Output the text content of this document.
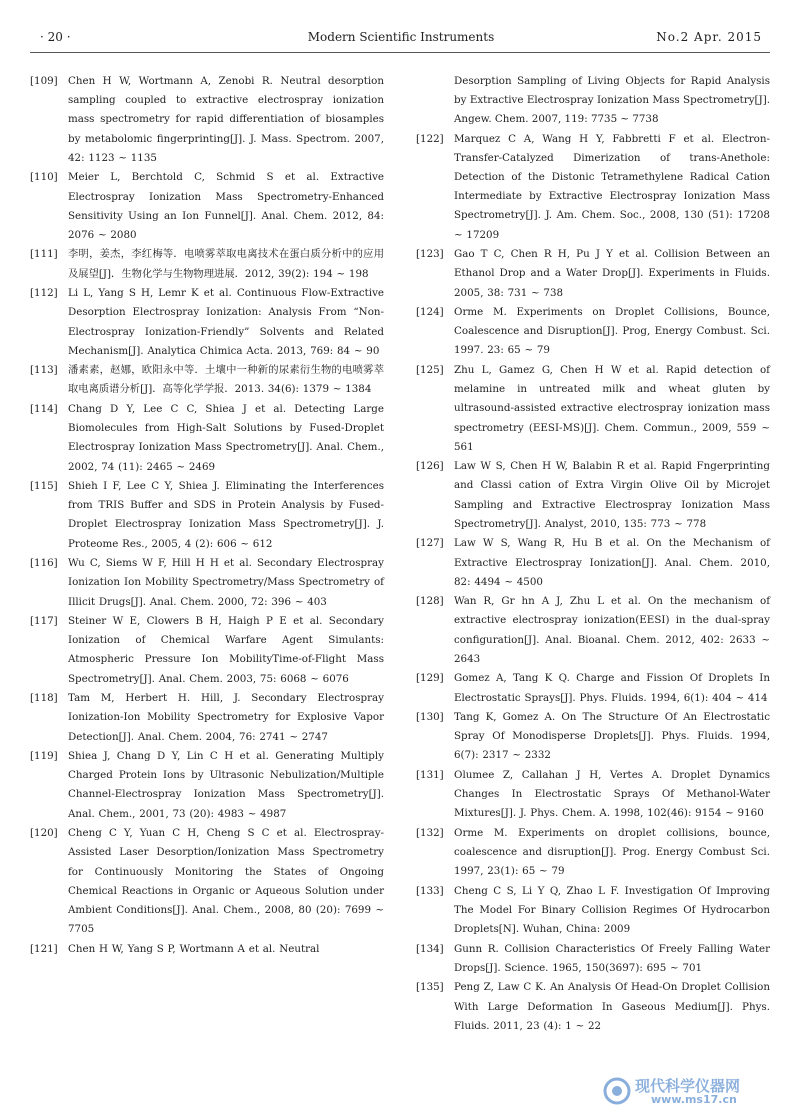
· 20 ·	Modern Scientific Instruments	No.2 Apr. 2015
[109] Chen H W, Wortmann A, Zenobi R. Neutral desorption sampling coupled to extractive electrospray ionization mass spectrometry for rapid differentiation of biosamples by metabolomic fingerprinting[J]. J. Mass. Spectrom. 2007, 42: 1123 ~ 1135
[110] Meier L, Berchtold C, Schmid S et al. Extractive Electrospray Ionization Mass Spectrometry-Enhanced Sensitivity Using an Ion Funnel[J]. Anal. Chem. 2012, 84: 2076 ~ 2080
[111] 李明，姜杰，李红梅等．电喷雾萃取电离技术在蛋白质分析中的应用及展望[J]．生物化学与生物物理进展．2012, 39(2): 194 ~ 198
[112] Li L, Yang S H, Lemr K et al. Continuous Flow-Extractive Desorption Electrospray Ionization: Analysis From “Non-Electrospray Ionization-Friendly” Solvents and Related Mechanism[J]. Analytica Chimica Acta. 2013, 769: 84 ~ 90
[113] 潘素素，赵娜，欧阳永中等．土壤中一种新的尿素衍生物的电喷雾萃取电离质谱分析[J]．高等化学学报．2013. 34(6): 1379 ~ 1384
[114] Chang D Y, Lee C C, Shiea J et al. Detecting Large Biomolecules from High-Salt Solutions by Fused-Droplet Electrospray Ionization Mass Spectrometry[J]. Anal. Chem., 2002, 74 (11): 2465 ~ 2469
[115] Shieh I F, Lee C Y, Shiea J. Eliminating the Interferences from TRIS Buffer and SDS in Protein Analysis by Fused-Droplet Electrospray Ionization Mass Spectrometry[J]. J. Proteome Res., 2005, 4 (2): 606 ~ 612
[116] Wu C, Siems W F, Hill H H et al. Secondary Electrospray Ionization Ion Mobility Spectrometry/Mass Spectrometry of Illicit Drugs[J]. Anal. Chem. 2000, 72: 396 ~ 403
[117] Steiner W E, Clowers B H, Haigh P E et al. Secondary Ionization of Chemical Warfare Agent Simulants: Atmospheric Pressure Ion MobilityTime-of-Flight Mass Spectrometry[J]. Anal. Chem. 2003, 75: 6068 ~ 6076
[118] Tam M, Herbert H. Hill, J. Secondary Electrospray Ionization-Ion Mobility Spectrometry for Explosive Vapor Detection[J]. Anal. Chem. 2004, 76: 2741 ~ 2747
[119] Shiea J, Chang D Y, Lin C H et al. Generating Multiply Charged Protein Ions by Ultrasonic Nebulization/Multiple Channel-Electrospray Ionization Mass Spectrometry[J]. Anal. Chem., 2001, 73 (20): 4983 ~ 4987
[120] Cheng C Y, Yuan C H, Cheng S C et al. Electrospray-Assisted Laser Desorption/Ionization Mass Spectrometry for Continuously Monitoring the States of Ongoing Chemical Reactions in Organic or Aqueous Solution under Ambient Conditions[J]. Anal. Chem., 2008, 80 (20): 7699 ~ 7705
[121] Chen H W, Yang S P, Wortmann A et al. Neutral
Desorption Sampling of Living Objects for Rapid Analysis by Extractive Electrospray Ionization Mass Spectrometry[J]. Angew. Chem. 2007, 119: 7735 ~ 7738
[122] Marquez C A, Wang H Y, Fabbretti F et al. Electron-Transfer-Catalyzed Dimerization of trans-Anethole: Detection of the Distonic Tetramethylene Radical Cation Intermediate by Extractive Electrospray Ionization Mass Spectrometry[J]. J. Am. Chem. Soc., 2008, 130 (51): 17208 ~ 17209
[123] Gao T C, Chen R H, Pu J Y et al. Collision Between an Ethanol Drop and a Water Drop[J]. Experiments in Fluids. 2005, 38: 731 ~ 738
[124] Orme M. Experiments on Droplet Collisions, Bounce, Coalescence and Disruption[J]. Prog, Energy Combust. Sci. 1997. 23: 65 ~ 79
[125] Zhu L, Gamez G, Chen H W et al. Rapid detection of melamine in untreated milk and wheat gluten by ultrasound-assisted extractive electrospray ionization mass spectrometry (EESI-MS)[J]. Chem. Commun., 2009, 559 ~ 561
[126] Law W S, Chen H W, Balabin R et al. Rapid Fngerprinting and Classi cation of Extra Virgin Olive Oil by Microjet Sampling and Extractive Electrospray Ionization Mass Spectrometry[J]. Analyst, 2010, 135: 773 ~ 778
[127] Law W S, Wang R, Hu B et al. On the Mechanism of Extractive Electrospray Ionization[J]. Anal. Chem. 2010, 82: 4494 ~ 4500
[128] Wan R, Gr hn A J, Zhu L et al. On the mechanism of extractive electrospray ionization(EESI) in the dual-spray configuration[J]. Anal. Bioanal. Chem. 2012, 402: 2633 ~ 2643
[129] Gomez A, Tang K Q. Charge and Fission Of Droplets In Electrostatic Sprays[J]. Phys. Fluids. 1994, 6(1): 404 ~ 414
[130] Tang K, Gomez A. On The Structure Of An Electrostatic Spray Of Monodisperse Droplets[J]. Phys. Fluids. 1994, 6(7): 2317 ~ 2332
[131] Olumee Z, Callahan J H, Vertes A. Droplet Dynamics Changes In Electrostatic Sprays Of Methanol-Water Mixtures[J]. J. Phys. Chem. A. 1998, 102(46): 9154 ~ 9160
[132] Orme M. Experiments on droplet collisions, bounce, coalescence and disruption[J]. Prog. Energy Combust Sci. 1997, 23(1): 65 ~ 79
[133] Cheng C S, Li Y Q, Zhao L F. Investigation Of Improving The Model For Binary Collision Regimes Of Hydrocarbon Droplets[N]. Wuhan, China: 2009
[134] Gunn R. Collision Characteristics Of Freely Falling Water Drops[J]. Science. 1965, 150(3697): 695 ~ 701
[135] Peng Z, Law C K. An Analysis Of Head-On Droplet Collision With Large Deformation In Gaseous Medium[J]. Phys. Fluids. 2011, 23 (4): 1 ~ 22
现代科学仪器网
www.ms17.cn
